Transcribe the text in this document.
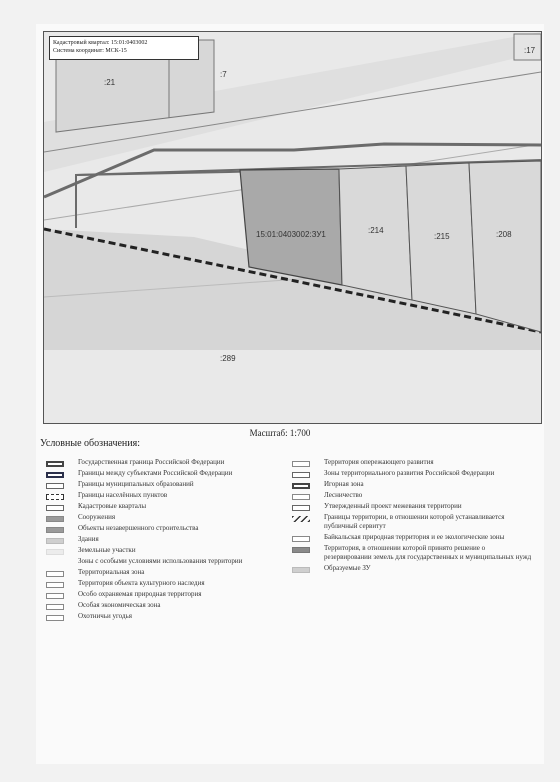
Кадастровый квартал: 15:01:0403002
Система координат: МСК-15
:21
:7
:17
15:01:0403002:ЗУ1	:214
:215	:208
:289
Масштаб: 1:700
Условные обозначения:
Государственная граница Российской Федерации
Границы между субъектами Российской Федерации
Границы муниципальных образований
Границы населённых пунктов
Кадастровые кварталы
Сооружения
Объекты незавершенного строительства
Здания
Земельные участки
Зоны с особыми условиями использования территории
Территориальная зона
Территория объекта культурного наследия
Особо охраняемая природная территория
Особая экономическая зона
Охотничьи угодья
Территория опережающего развития
Зоны территориального развития Российской Федерации
Игорная зона
Лесничество
Утвержденный проект межевания территории
Границы территории, в отношении которой устанавливается публичный сервитут
Байкальская природная территория и ее экологические зоны
Территория, в отношении которой принято решение о резервировании земель для государственных и муниципальных нужд
Образуемые ЗУ
